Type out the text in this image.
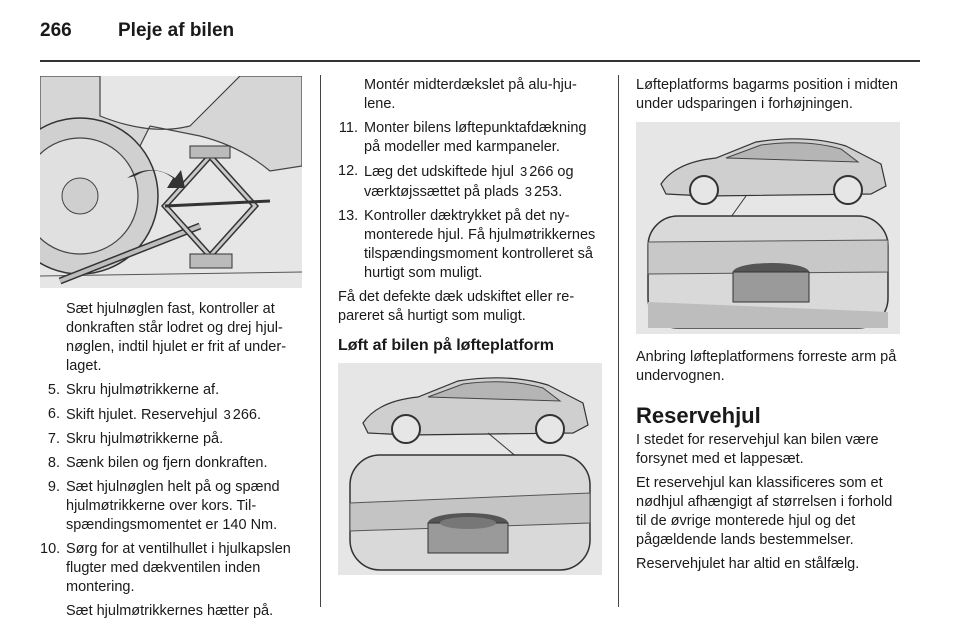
266 Pleje af bilen

Sæt hjulnøglen fast, kontroller at donkraften står lodret og drej hjulnøglen, indtil hjulet er frit af underlaget.

5. Skru hjulmøtrikkerne af.
6. Skift hjulet. Reservehjul 3 266.
7. Skru hjulmøtrikkerne på.
8. Sænk bilen og fjern donkraften.
9. Sæt hjulnøglen helt på og spænd hjulmøtrikkerne over kors. Tilspændingsmomentet er 140 Nm.
10. Sørg for at ventilhullet i hjulkapslen flugter med dækventilen inden montering.

Sæt hjulmøtrikkernes hætter på.

Montér midterdækslet på alu-hjulene.

11. Monter bilens løftepunktafdækning på modeller med karmpaneler.
12. Læg det udskiftede hjul 3 266 og værktøjssættet på plads 3 253.
13. Kontroller dæktrykket på det nymonterede hjul. Få hjulmøtrikkernes tilspændingsmoment kontrolleret så hurtigt som muligt.

Få det defekte dæk udskiftet eller repareret så hurtigt som muligt.

Løft af bilen på løfteplatform

Løfteplatforms bagarms position i midten under udsparingen i forhøjningen.

Anbring løfteplatformens forreste arm på undervognen.

Reservehjul

I stedet for reservehjul kan bilen være forsynet med et lappesæt.

Et reservehjul kan klassificeres som et nødhjul afhængigt af størrelsen i forhold til de øvrige monterede hjul og det pågældende lands bestemmelser.

Reservehjulet har altid en stålfælg.
